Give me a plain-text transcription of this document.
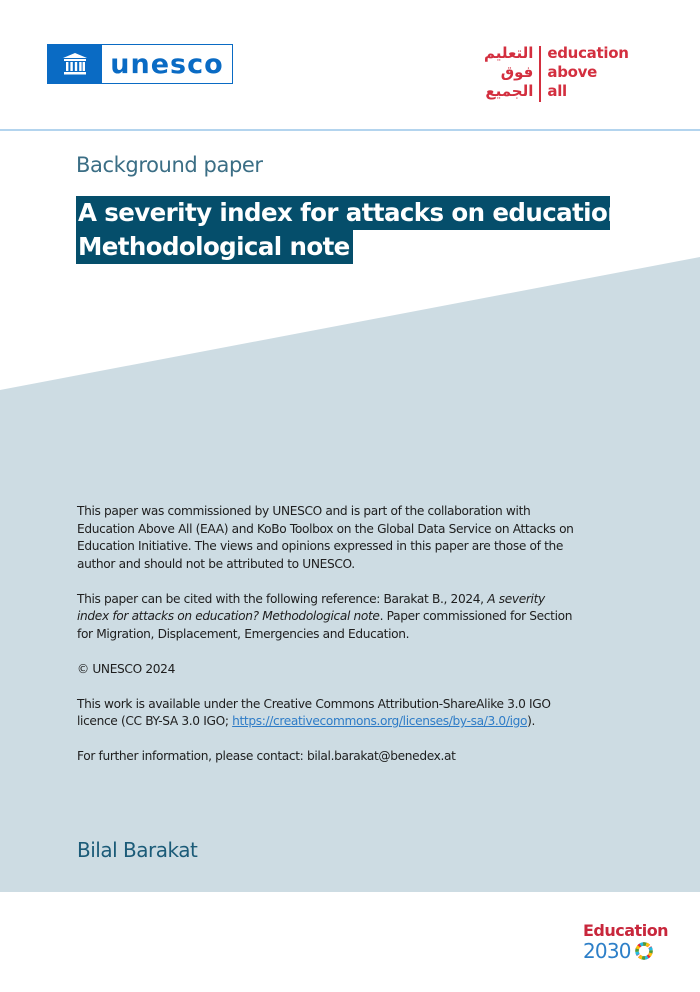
unesco	التعليم
فوق
الجميع
education
above
all
Background paper
A severity index for attacks on education?
Methodological note

This paper was commissioned by UNESCO and is part of the collaboration with Education Above All (EAA) and KoBo Toolbox on the Global Data Service on Attacks on Education Initiative. The views and opinions expressed in this paper are those of the author and should not be attributed to UNESCO.

This paper can be cited with the following reference: Barakat B., 2024, A severity index for attacks on education? Methodological note. Paper commissioned for Section for Migration, Displacement, Emergencies and Education.

© UNESCO 2024

This work is available under the Creative Commons Attribution-ShareAlike 3.0 IGO licence (CC BY-SA 3.0 IGO; https://creativecommons.org/licenses/by-sa/3.0/igo).

For further information, please contact: bilal.barakat@benedex.at

Bilal Barakat
Education
2030
